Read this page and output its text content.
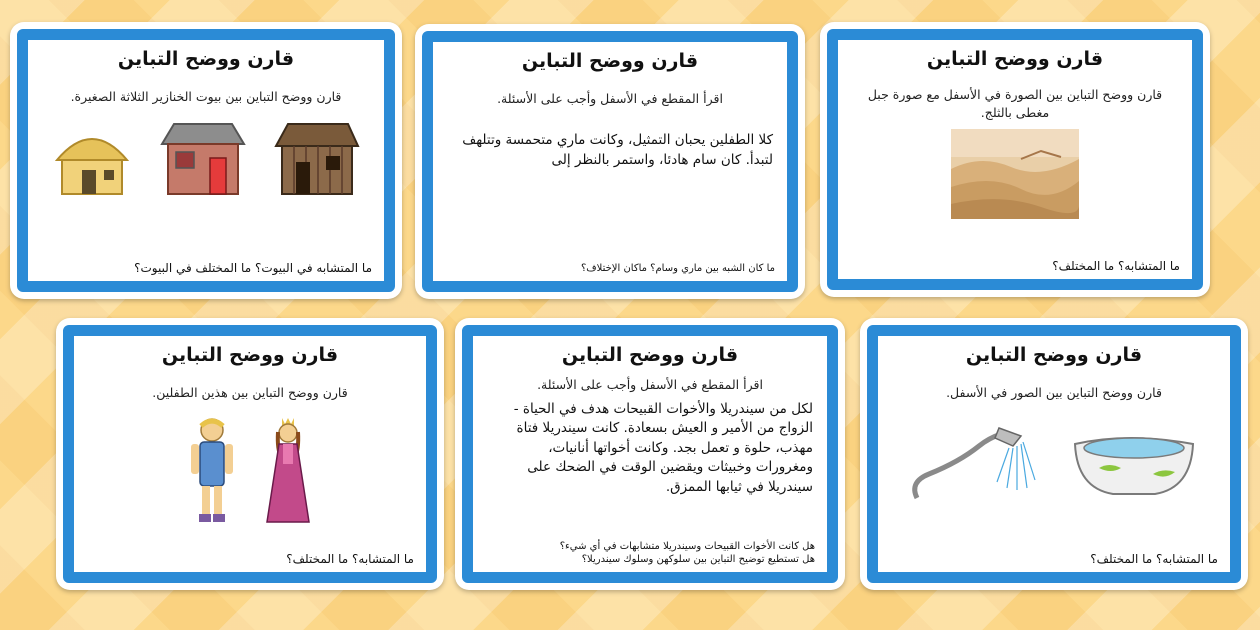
قارن ووضح التباين
قارن ووضح التباين بين الصورة في الأسفل مع صورة جبل مغطى بالثلج.
ما المتشابه؟ ما المختلف؟
قارن ووضح التباين
اقرأ المقطع في الأسفل وأجب على الأسئلة.
كلا الطفلين يحبان التمثيل، وكانت ماري متحمسة وتتلهف لتبدأ. كان سام هادئا، واستمر بالنظر إلى
ما كان الشبه بين ماري وسام؟ ماكان الإختلاف؟
قارن ووضح التباين
قارن ووضح التباين بين بيوت الخنازير الثلاثة الصغيرة.
ما المتشابه في البيوت؟ ما المختلف في البيوت؟
قارن ووضح التباين
قارن ووضح التباين بين الصور في الأسفل.
ما المتشابه؟ ما المختلف؟
قارن ووضح التباين
اقرأ المقطع في الأسفل وأجب على الأسئلة.
لكل من سيندريلا والأخوات القبيحات هدف في الحياة - الزواج من الأمير و العيش بسعادة. كانت سيندريلا فتاة مهذب، حلوة و تعمل بجد. وكانت أخواتها أنانيات، ومغرورات وخبيثات ويقضين الوقت في الضحك على سيندريلا في ثيابها الممزق.
هل كانت الأخوات القبيحات وسيندريلا متشابهات في أي شيء؟
هل تستطيع توضيح التباين بين سلوكهن وسلوك سيندريلا؟
قارن ووضح التباين
قارن ووضح التباين بين هذين الطفلين.
ما المتشابه؟ ما المختلف؟
